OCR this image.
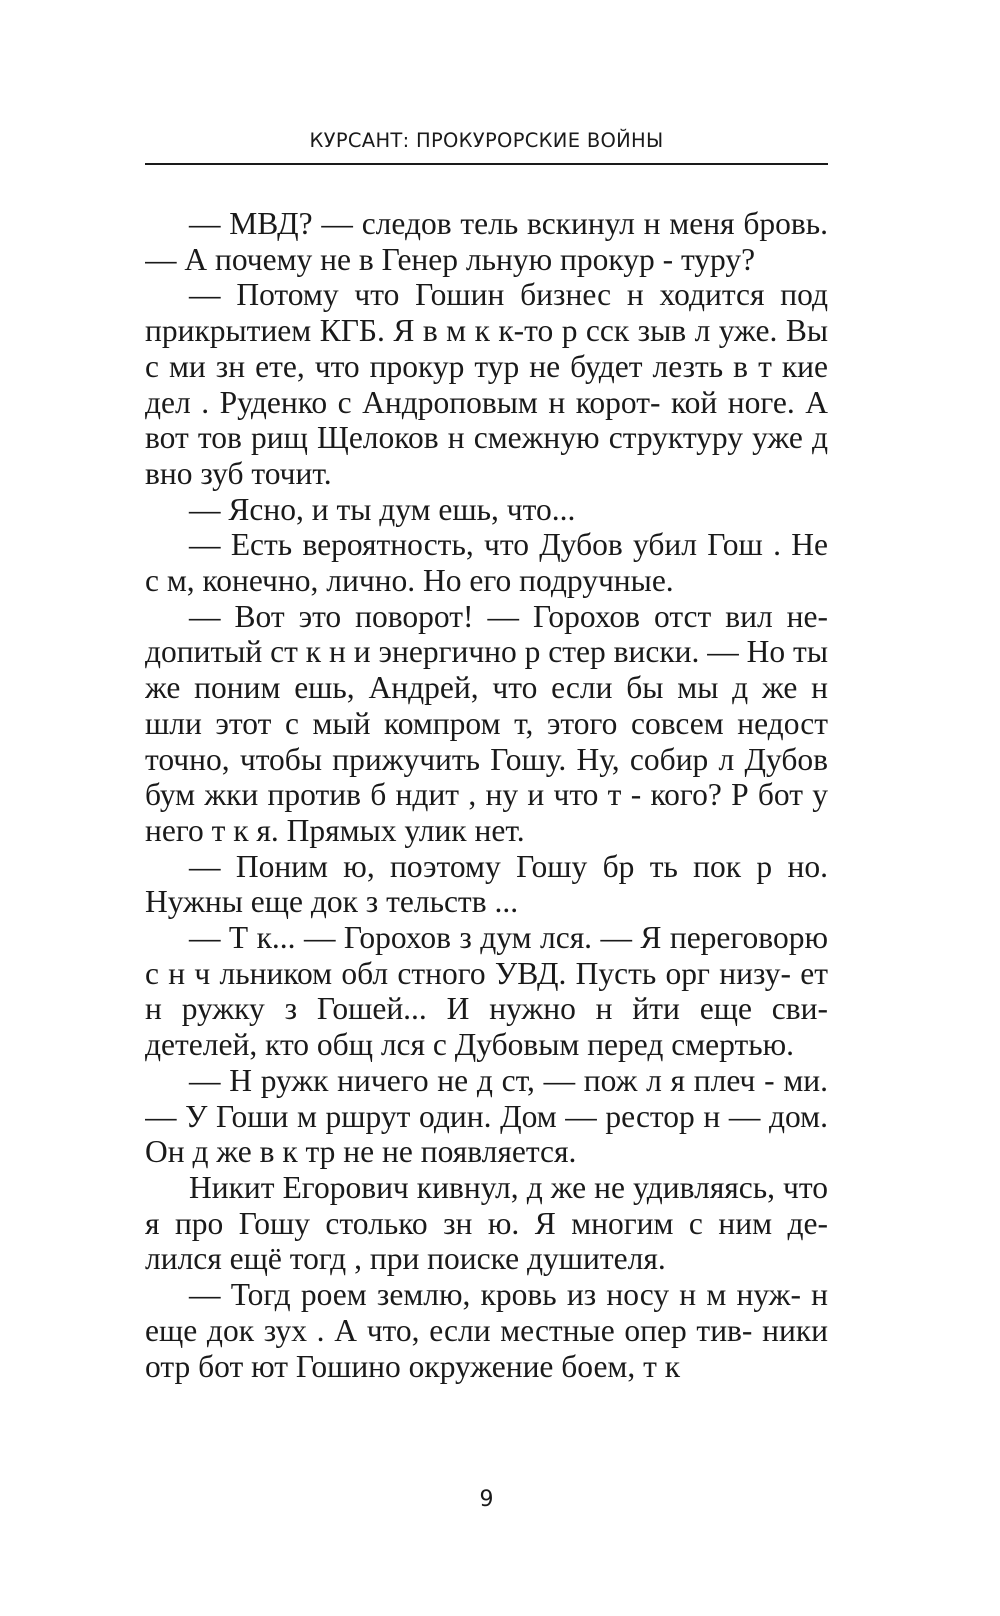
КУРСАНТ: ПРОКУРОРСКИЕ ВОЙНЫ

— МВД? — следов тель вскинул н меня бровь. — А почему не в Генер льную прокур - туру?

— Потому что Гошин бизнес н ходится под прикрытием КГБ. Я в м к к-то р сск зыв л уже. Вы с ми зн ете, что прокур тур не будет лезть в т кие дел . Руденко с Андроповым н корот- кой ноге. А вот тов рищ Щелоков н смежную структуру уже д вно зуб точит.

— Ясно, и ты дум ешь, что...

— Есть вероятность, что Дубов убил Гош . Не с м, конечно, лично. Но его подручные.

— Вот это поворот! — Горохов отст вил не- допитый ст к н и энергично р стер виски. — Но ты же поним ешь, Андрей, что если бы мы д же н шли этот с мый компром т, этого совсем недост точно, чтобы прижучить Гошу. Ну, собир л Дубов бум жки против б ндит , ну и что т - кого? Р бот у него т к я. Прямых улик нет.

— Поним ю, поэтому Гошу бр ть пок р но. Нужны еще док з тельств ...

— Т к... — Горохов з дум лся. — Я переговорю с н ч льником обл стного УВД. Пусть орг низу- ет н ружку з Гошей... И нужно н йти еще сви- детелей, кто общ лся с Дубовым перед смертью.

— Н ружк ничего не д ст, — пож л я плеч - ми. — У Гоши м ршрут один. Дом — рестор н — дом. Он д же в к тр не не появляется.

Никит Егорович кивнул, д же не удивляясь, что я про Гошу столько зн ю. Я многим с ним де- лился ещё тогд , при поиске душителя.

— Тогд роем землю, кровь из носу н м нуж- н еще док зух . А что, если местные опер тив- ники отр бот ют Гошино окружение боем, т к

9
